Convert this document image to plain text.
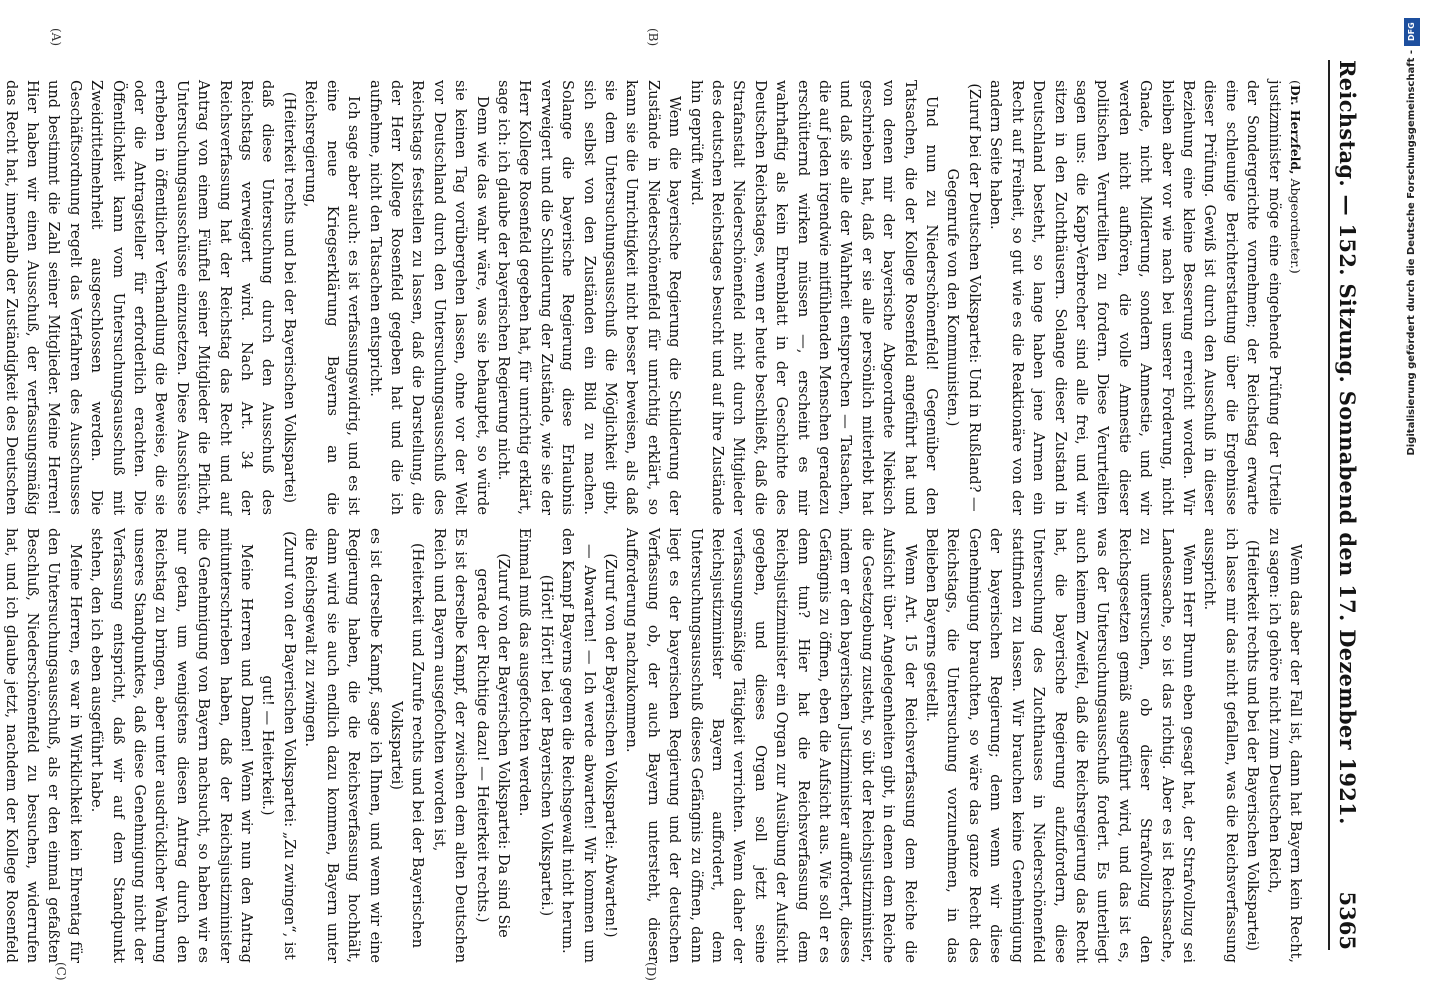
Reichstag. — 152. Sitzung. Sonnabend den 17. Dezember 1921.
5365
(A)	(B)
(C)	(D)

(Dr. Herzfeld, Abgeordneter.)

justizminister möge eine eingehende Prüfung der Urteile der Sondergerichte vornehmen; der Reichstag erwarte eine schleunige Berichterstattung über die Ergebnisse dieser Prüfung. Gewiß ist durch den Ausschuß in dieser Beziehung eine kleine Besserung erreicht worden. Wir bleiben aber vor wie nach bei unserer Forderung, nicht Gnade, nicht Milderung, sondern Amnestie, und wir werden nicht aufhören, die volle Amnestie dieser politischen Verurteilten zu fordern. Diese Verurteilten sagen uns: die Kapp-Verbrecher sind alle frei, und wir sitzen in den Zuchthäusern. Solange dieser Zustand in Deutschland besteht, so lange haben jene Armen ein Recht auf Freiheit, so gut wie es die Reaktionäre von der andern Seite haben.

(Zuruf bei der Deutschen Volkspartei: Und in Rußland? — Gegenrufe von den Kommunisten.)

Und nun zu Niederschönenfeld! Gegenüber den Tatsachen, die der Kollege Rosenfeld angeführt hat und von denen mir der bayerische Abgeordnete Niekisch geschrieben hat, daß er sie alle persönlich miterlebt hat und daß sie alle der Wahrheit entsprechen — Tatsachen, die auf jeden irgendwie mitfühlenden Menschen geradezu erschütternd wirken müssen —, erscheint es mir wahrhaftig als kein Ehrenblatt in der Geschichte des Deutschen Reichstages, wenn er heute beschließt, daß die Strafanstalt Niederschönenfeld nicht durch Mitglieder des deutschen Reichstages besucht und auf ihre Zustände hin geprüft wird.

Wenn die bayerische Regierung die Schilderung der Zustände in Niederschönenfeld für unrichtig erklärt, so kann sie die Unrichtigkeit nicht besser beweisen, als daß sie dem Untersuchungsausschuß die Möglichkeit gibt, sich selbst von den Zuständen ein Bild zu machen. Solange die bayerische Regierung diese Erlaubnis verweigert und die Schilderung der Zustände, wie sie der Herr Kollege Rosenfeld gegeben hat, für unrichtig erklärt, sage ich: ich glaube der bayerischen Regierung nicht.

Denn wie das wahr wäre, was sie behauptet, so würde sie keinen Tag vorübergehen lassen, ohne vor der Welt vor Deutschland durch den Untersuchungsausschuß des Reichstags feststellen zu lassen, daß die Darstellung, die der Herr Kollege Rosenfeld gegeben hat und die ich aufnehme, nicht den Tatsachen entspricht.

Ich sage aber auch: es ist verfassungswidrig, und es ist eine neue Kriegserklärung Bayerns an die Reichsregierung,

(Heiterkeit rechts und bei der Bayerischen Volkspartei)

daß diese Untersuchung durch den Ausschuß des Reichstags verweigert wird. Nach Art. 34 der Reichsverfassung hat der Reichstag das Recht und auf Antrag von einem Fünftel seiner Mitglieder die Pflicht, Untersuchungsausschüsse einzusetzen. Diese Ausschüsse erheben in öffentlicher Verhandlung die Beweise, die sie oder die Antragsteller für erforderlich erachten. Die Öffentlichkeit kann vom Untersuchungsausschuß mit Zweidrittelmehrheit ausgeschlossen werden. Die Geschäftsordnung regelt das Verfahren des Ausschusses und bestimmt die Zahl seiner Mitglieder. Meine Herren! Hier haben wir einen Ausschuß, der verfassungsmäßig das Recht hat, innerhalb der Zuständigkeit des Deutschen

Wenn das aber der Fall ist, dann hat Bayern kein Recht, zu sagen: ich gehöre nicht zum Deutschen Reich,

(Heiterkeit rechts und bei der Bayerischen Volkspartei)

ich lasse mir das nicht gefallen, was die Reichsverfassung ausspricht.

Wenn Herr Brunn eben gesagt hat, der Strafvollzug sei Landessache, so ist das richtig. Aber es ist Reichssache, zu untersuchen, ob dieser Strafvollzug den Reichsgesetzen gemäß ausgeführt wird, und das ist es, was der Untersuchungsausschuß fordert. Es unterliegt auch keinem Zweifel, daß die Reichsregierung das Recht hat, die bayerische Regierung aufzufordern, diese Untersuchung des Zuchthauses in Niederschönenfeld stattfinden zu lassen. Wir brauchen keine Genehmigung der bayerischen Regierung; denn wenn wir diese Genehmigung brauchten, so wäre das ganze Recht des Reichstags, die Untersuchung vorzunehmen, in das Belieben Bayerns gestellt.

Wenn Art. 15 der Reichsverfassung dem Reiche die Aufsicht über Angelegenheiten gibt, in denen dem Reiche die Gesetzgebung zusteht, so übt der Reichsjustizminister, indem er den bayerischen Justizminister auffordert, dieses Gefängnis zu öffnen, eben die Aufsicht aus. Wie soll er es denn tun? Hier hat die Reichsverfassung dem Reichsjustizminister ein Organ zur Ausübung der Aufsicht gegeben, und dieses Organ soll jetzt seine verfassungsmäßige Tätigkeit verrichten. Wenn daher der Reichsjustizminister Bayern auffordert, dem Untersuchungsausschuß dieses Gefängnis zu öffnen, dann liegt es der bayerischen Regierung und der deutschen Verfassung ob, der auch Bayern untersteht, dieser Aufforderung nachzukommen.

(Zuruf von der Bayerischen Volkspartei: Abwarten!)

— Abwarten! — Ich werde abwarten! Wir kommen um den Kampf Bayerns gegen die Reichsgewalt nicht herum.

(Hört! Hört! bei der Bayerischen Volkspartei.)

Einmal muß das ausgefochten werden.

(Zuruf von der Bayerischen Volkspartei: Da sind Sie gerade der Richtige dazu! — Heiterkeit rechts.)

Es ist derselbe Kampf, der zwischen dem alten Deutschen Reich und Bayern ausgefochten worden ist,

(Heiterkeit und Zurufe rechts und bei der Bayerischen Volkspartei)

es ist derselbe Kampf, sage ich Ihnen, und wenn wir eine Regierung haben, die die Reichsverfassung hochhält, dann wird sie auch endlich dazu kommen, Bayern unter die Reichsgewalt zu zwingen.

(Zuruf von der Bayerischen Volkspartei: „Zu zwingen“, ist gut! — Heiterkeit.)

Meine Herren und Damen! Wenn wir nun den Antrag mitunterschrieben haben, daß der Reichsjustizminister die Genehmigung von Bayern nachsucht, so haben wir es nur getan, um wenigstens diesen Antrag durch den Reichstag zu bringen, aber unter ausdrücklicher Wahrung unseres Standpunktes, daß diese Genehmigung nicht der Verfassung entspricht, daß wir auf dem Standpunkt stehen, den ich eben ausgeführt habe.

Meine Herren, es war in Wirklichkeit kein Ehrentag für den Untersuchungsausschuß, als er den einmal gefaßten Beschluß, Niederschönenfeld zu besuchen, widerrufen hat, und ich glaube jetzt, nachdem der Kollege Rosenfeld

DFG
Digitalisierung gefördert durch die Deutsche Forschungsgemeinschaft -
